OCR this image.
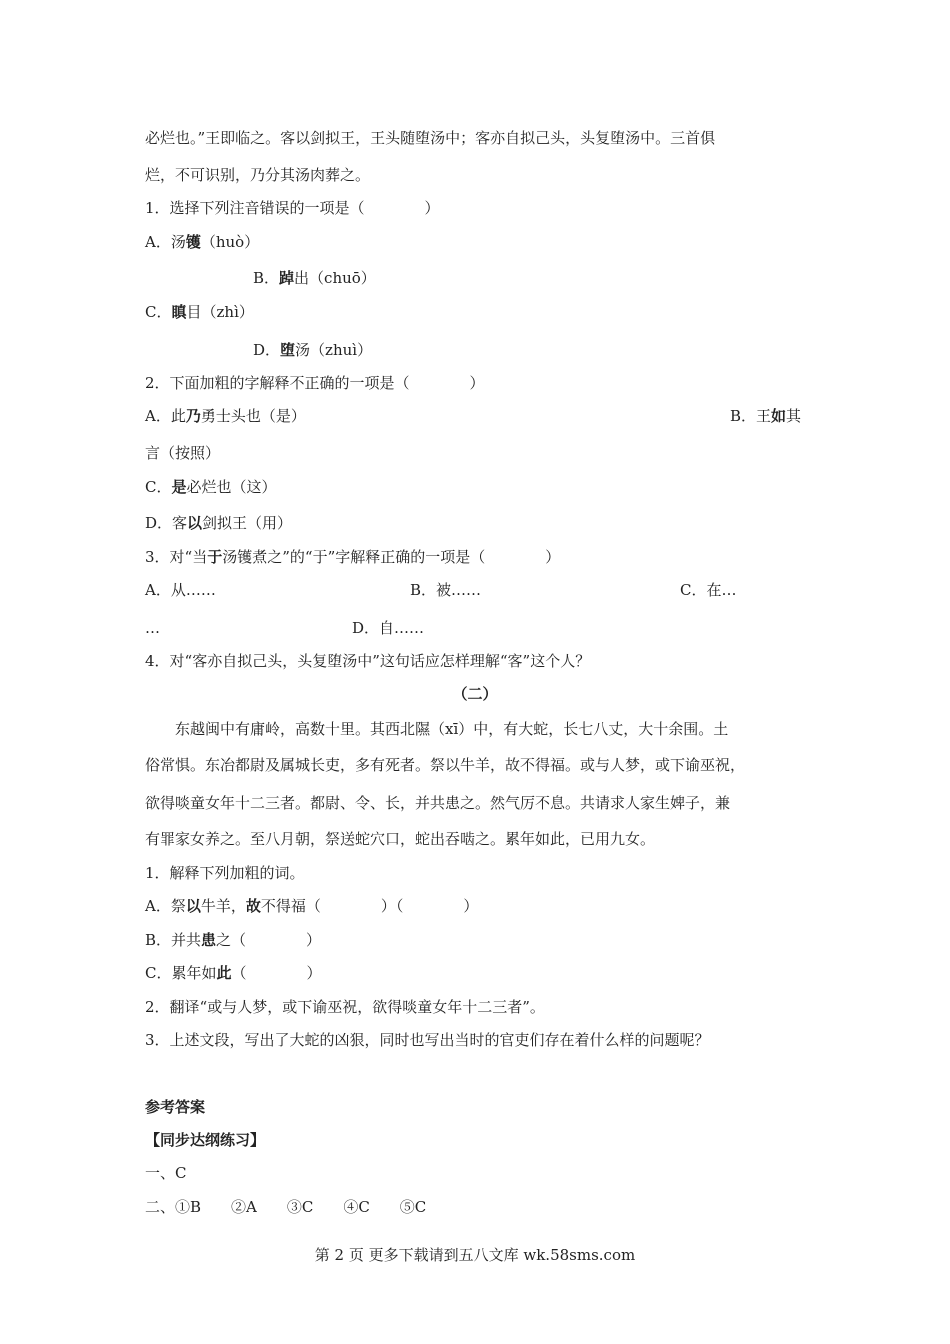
必烂也。”王即临之。客以剑拟王，王头随堕汤中；客亦自拟己头，头复堕汤中。三首俱
烂，不可识别，乃分其汤肉葬之。
1．选择下列注音错误的一项是（　　　　）
A．汤镬（huò）
B．踔出（chuō）
C．瞋目（zhì）
D．堕汤（zhuì）
2．下面加粗的字解释不正确的一项是（　　　　）
A．此乃勇士头也（是）	B．王如其
言（按照）
C．是必烂也（这）
D．客以剑拟王（用）
3．对“当于汤镬煮之”的“于”字解释正确的一项是（　　　　）
A．从……	B．被……	C．在…
…	D．自……
4．对“客亦自拟己头，头复堕汤中”这句话应怎样理解“客”这个人？
（二）
东越闽中有庸岭，高数十里。其西北隰（xī）中，有大蛇，长七八丈，大十余围。土
俗常惧。东冶都尉及属城长吏，多有死者。祭以牛羊，故不得福。或与人梦，或下谕巫祝，
欲得啖童女年十二三者。都尉、令、长，并共患之。然气厉不息。共请求人家生婢子，兼
有罪家女养之。至八月朝，祭送蛇穴口，蛇出吞啮之。累年如此，已用九女。
1．解释下列加粗的词。
A．祭以牛羊，故不得福（　　　　）（　　　　）
B．并共患之（　　　　）
C．累年如此（　　　　）
2．翻译“或与人梦，或下谕巫祝，欲得啖童女年十二三者”。
3．上述文段，写出了大蛇的凶狠，同时也写出当时的官吏们存在着什么样的问题呢？
参考答案
【同步达纲练习】
一、C
二、①B　　②A　　③C　　④C　　⑤C
第 2 页 更多下载请到五八文库 wk.58sms.com
